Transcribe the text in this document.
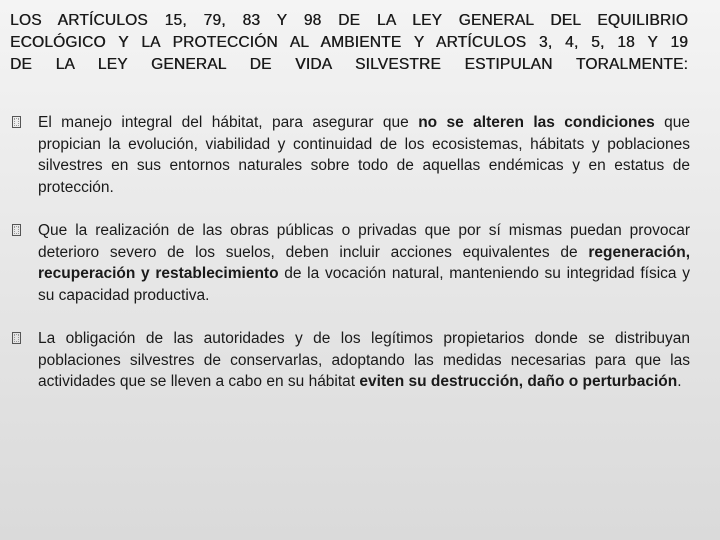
LOS ARTÍCULOS 15, 79, 83 Y 98 DE LA LEY GENERAL DEL EQUILIBRIO
ECOLÓGICO Y LA PROTECCIÓN AL AMBIENTE Y ARTÍCULOS 3, 4, 5, 18 Y 19
DE LA LEY GENERAL DE VIDA SILVESTRE ESTIPULAN TORALMENTE:
El manejo integral del hábitat, para asegurar que no se alteren las condiciones que propician la evolución, viabilidad y continuidad de los ecosistemas, hábitats y poblaciones silvestres en sus entornos naturales sobre todo de aquellas endémicas y en estatus de protección.
Que la realización de las obras públicas o privadas que por sí mismas puedan provocar deterioro severo de los suelos, deben incluir acciones equivalentes de regeneración, recuperación y restablecimiento de la vocación natural, manteniendo su integridad física y su capacidad productiva.
La obligación de las autoridades y de los legítimos propietarios donde se distribuyan poblaciones silvestres de conservarlas, adoptando las medidas necesarias para que las actividades que se lleven a cabo en su hábitat eviten su destrucción, daño o perturbación.
